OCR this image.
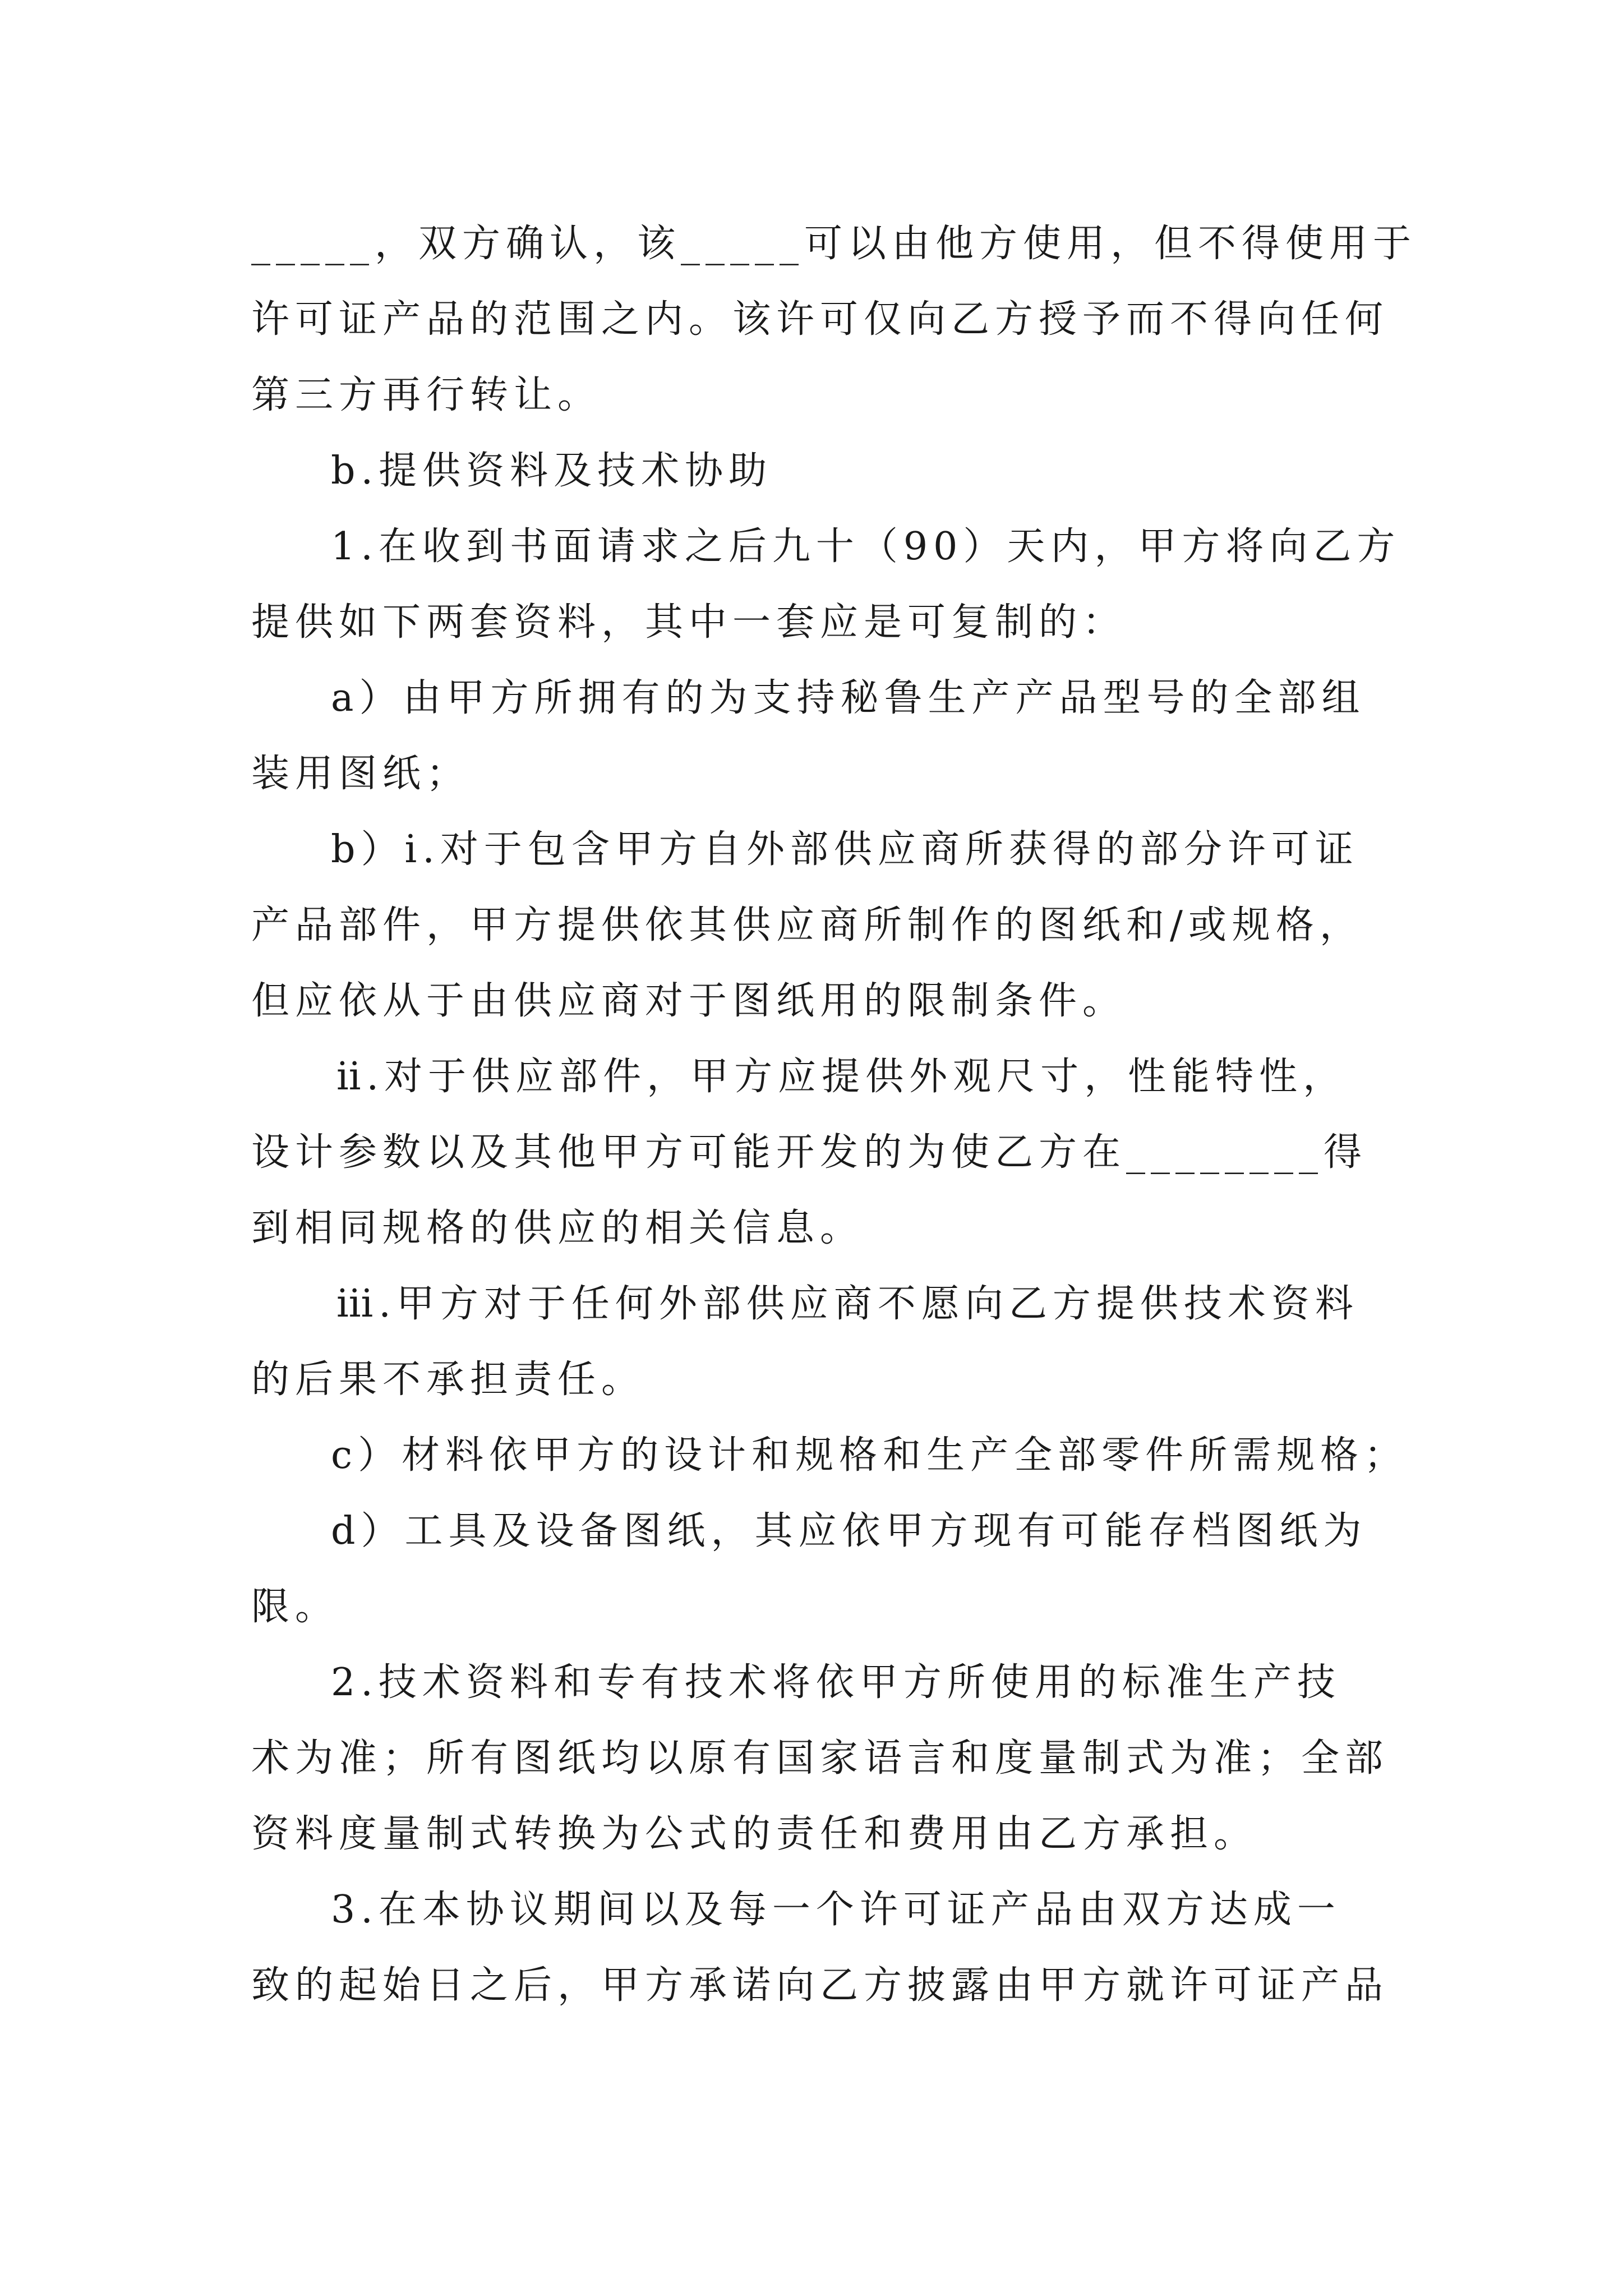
_____，双方确认，该_____可以由他方使用，但不得使用于
许可证产品的范围之内。该许可仅向乙方授予而不得向任何
第三方再行转让。
b.提供资料及技术协助
1.在收到书面请求之后九十（90）天内，甲方将向乙方
提供如下两套资料，其中一套应是可复制的：
a）由甲方所拥有的为支持秘鲁生产产品型号的全部组
装用图纸；
b）ⅰ.对于包含甲方自外部供应商所获得的部分许可证
产品部件，甲方提供依其供应商所制作的图纸和/或规格，
但应依从于由供应商对于图纸用的限制条件。
ⅱ.对于供应部件，甲方应提供外观尺寸，性能特性，
设计参数以及其他甲方可能开发的为使乙方在________得
到相同规格的供应的相关信息。
ⅲ.甲方对于任何外部供应商不愿向乙方提供技术资料
的后果不承担责任。
c）材料依甲方的设计和规格和生产全部零件所需规格；
d）工具及设备图纸，其应依甲方现有可能存档图纸为
限。
2.技术资料和专有技术将依甲方所使用的标准生产技
术为准；所有图纸均以原有国家语言和度量制式为准；全部
资料度量制式转换为公式的责任和费用由乙方承担。
3.在本协议期间以及每一个许可证产品由双方达成一
致的起始日之后，甲方承诺向乙方披露由甲方就许可证产品
